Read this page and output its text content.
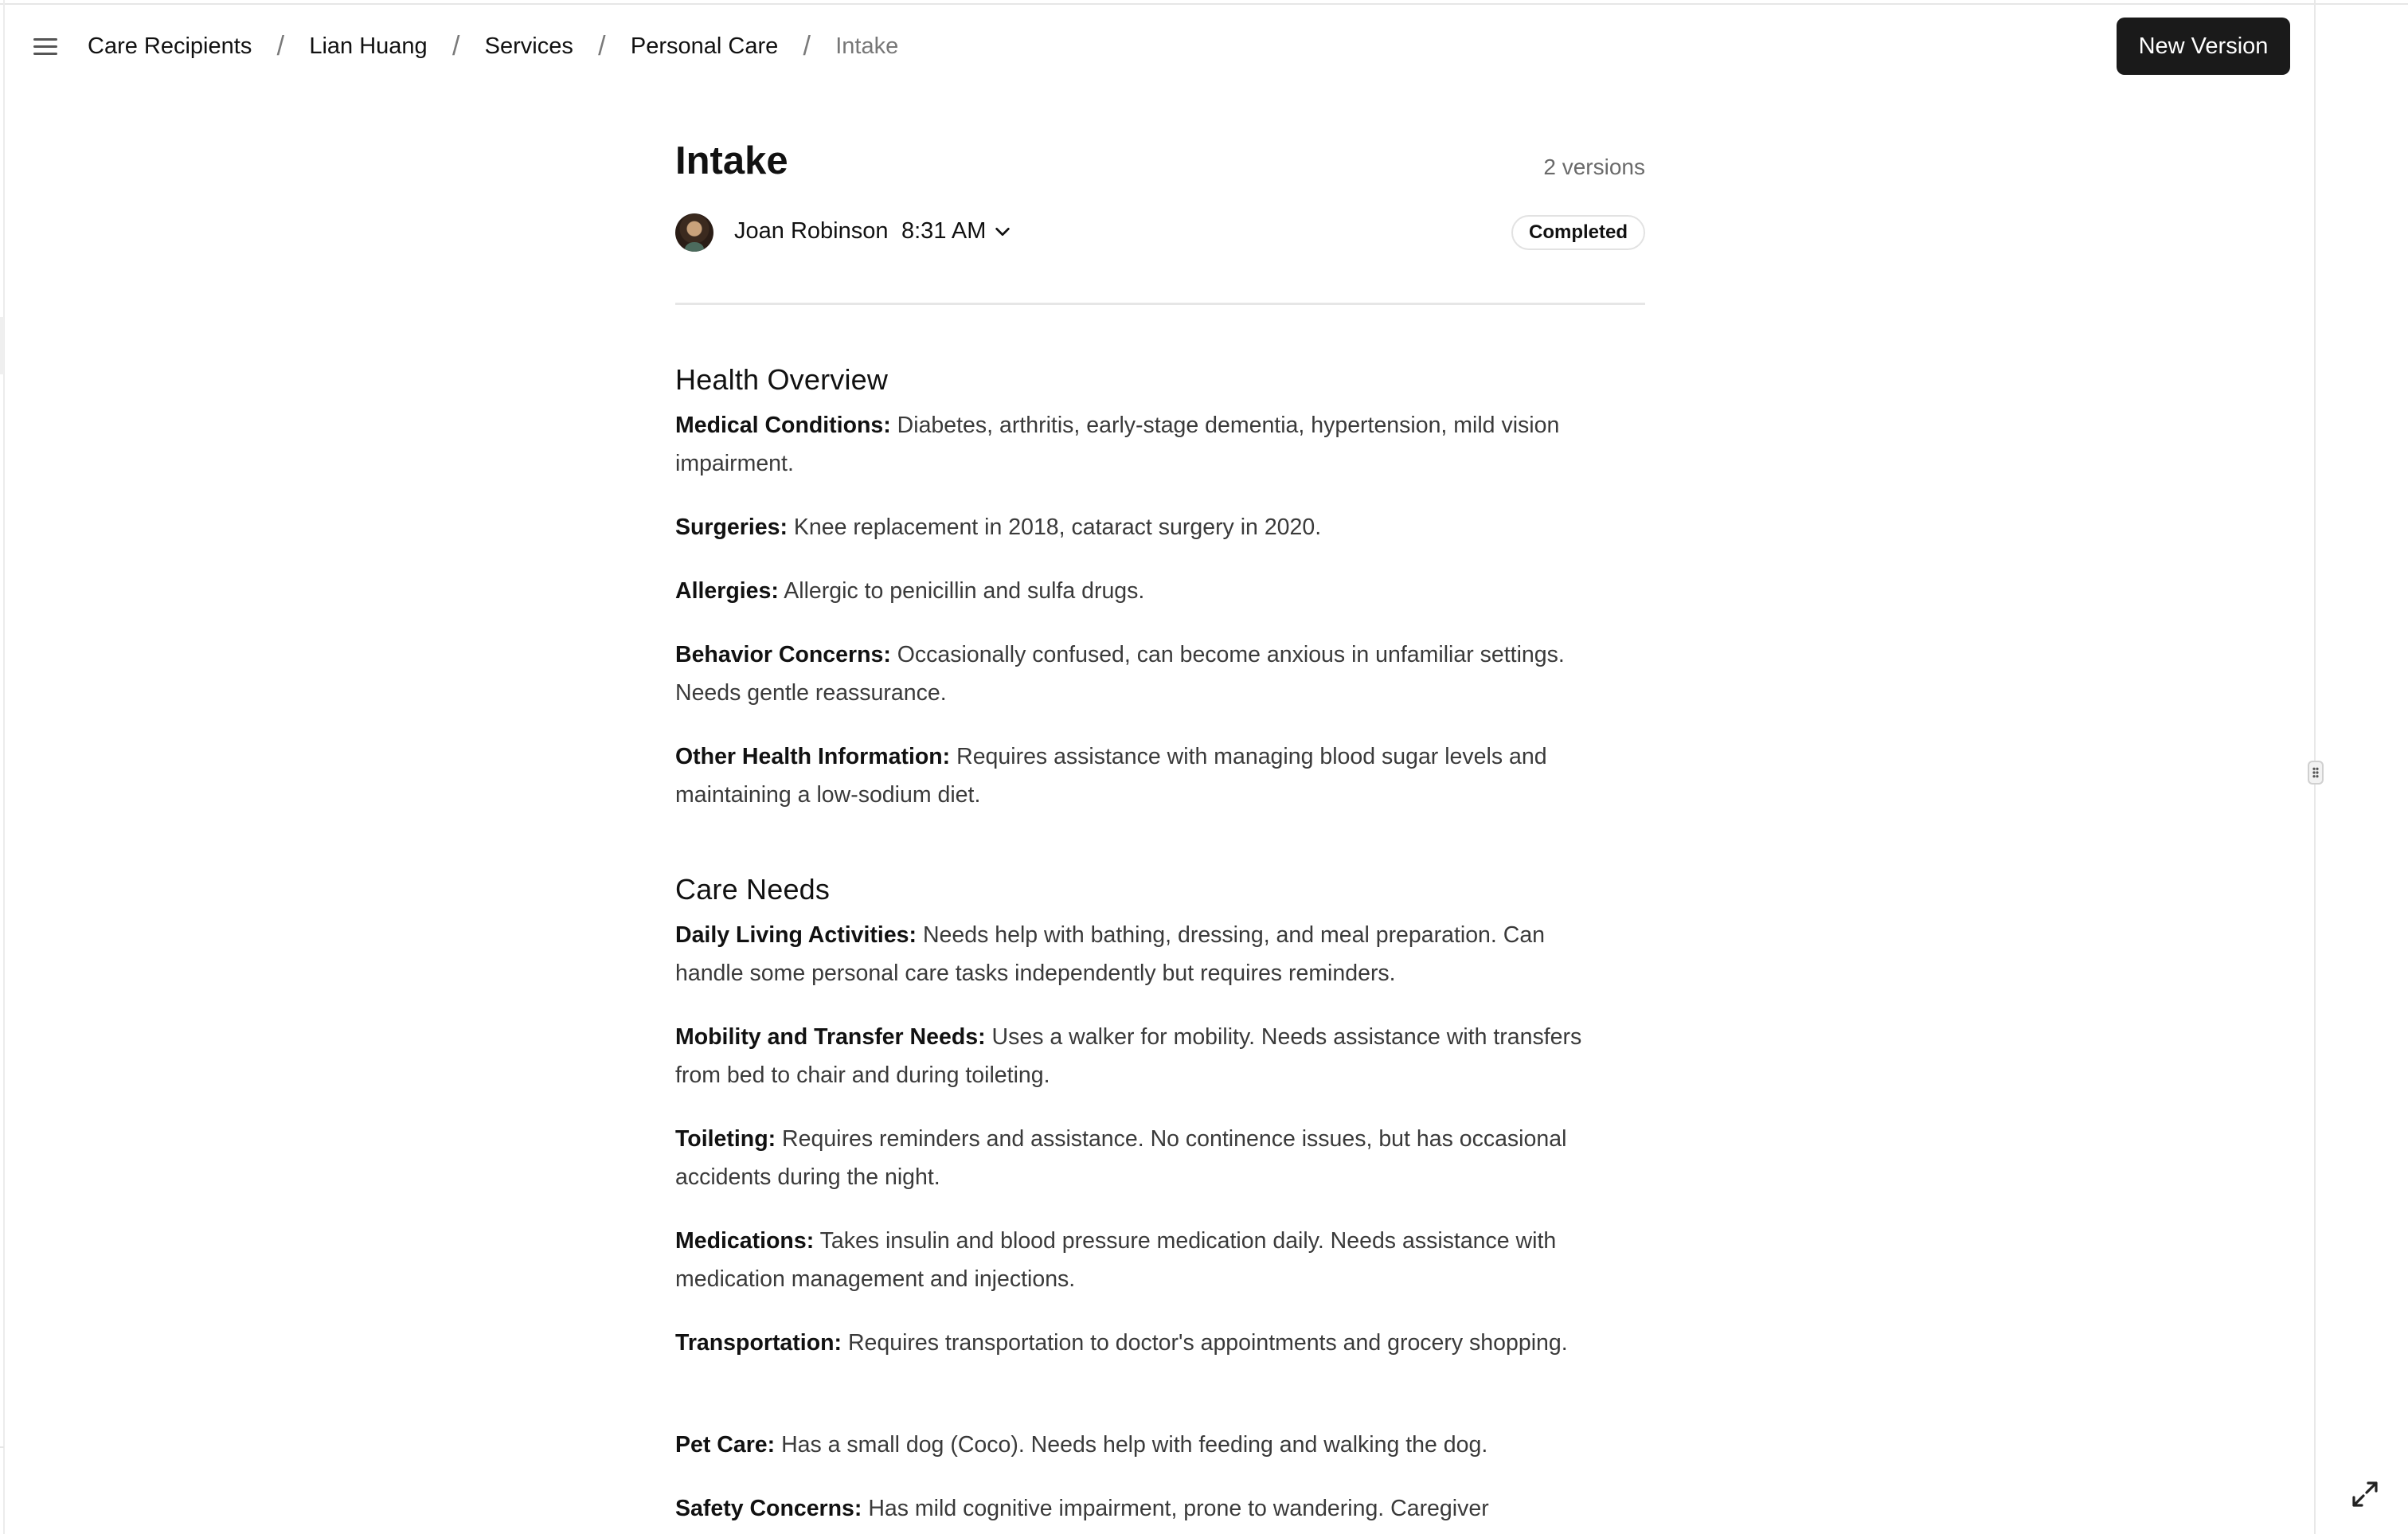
Care Recipients /	Lian Huang /	Services /	Personal Care /	Intake	New Version
Intake	2 versions
Joan Robinson 8:31 AM	Completed
Health Overview

Medical Conditions: Diabetes, arthritis, early-stage dementia, hypertension, mild vision impairment.

Surgeries: Knee replacement in 2018, cataract surgery in 2020.

Allergies: Allergic to penicillin and sulfa drugs.

Behavior Concerns: Occasionally confused, can become anxious in unfamiliar settings. Needs gentle reassurance.

Other Health Information: Requires assistance with managing blood sugar levels and maintaining a low-sodium diet.

Care Needs

Daily Living Activities: Needs help with bathing, dressing, and meal preparation. Can handle some personal care tasks independently but requires reminders.

Mobility and Transfer Needs: Uses a walker for mobility. Needs assistance with transfers from bed to chair and during toileting.

Toileting: Requires reminders and assistance. No continence issues, but has occasional accidents during the night.

Medications: Takes insulin and blood pressure medication daily. Needs assistance with medication management and injections.

Transportation: Requires transportation to doctor's appointments and grocery shopping.

Pet Care: Has a small dog (Coco). Needs help with feeding and walking the dog.

Safety Concerns: Has mild cognitive impairment, prone to wandering. Caregiver
